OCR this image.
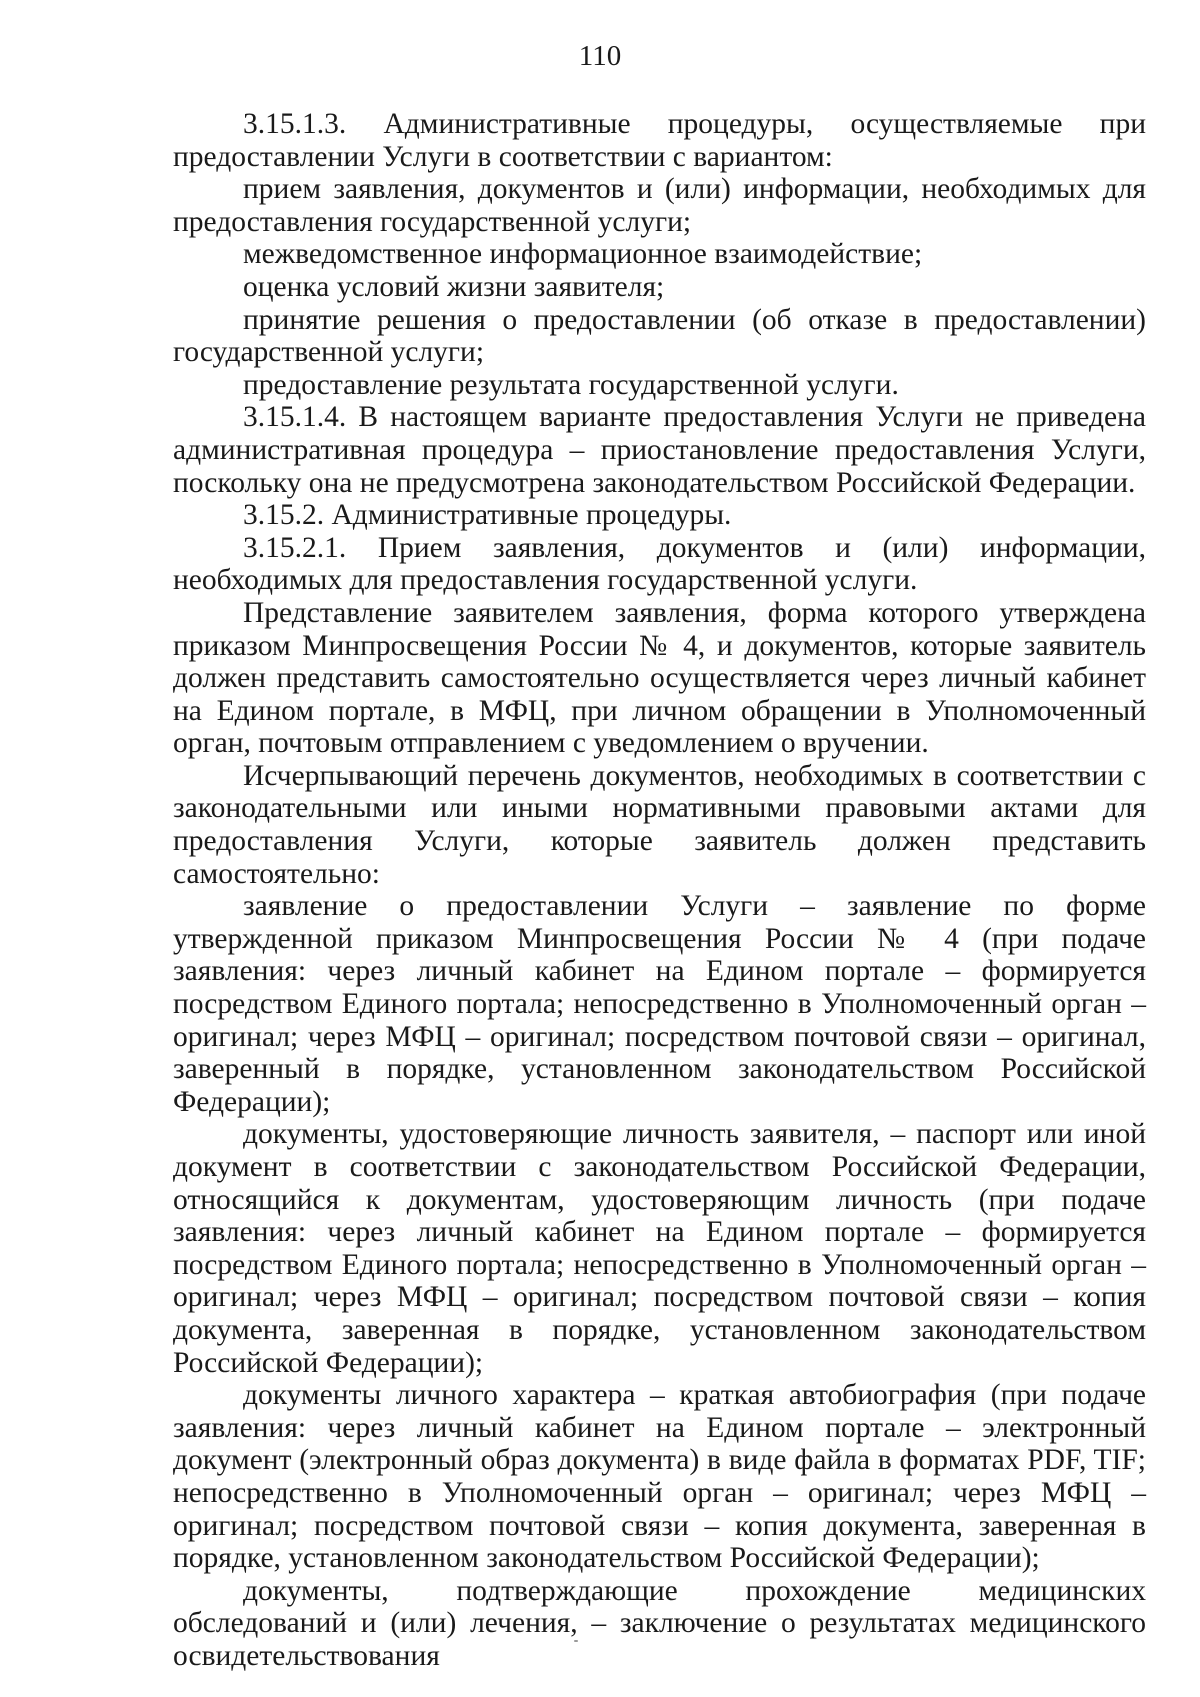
110

3.15.1.3. Административные процедуры, осуществляемые при предоставлении Услуги в соответствии с вариантом:

прием заявления, документов и (или) информации, необходимых для предоставления государственной услуги;

межведомственное информационное взаимодействие;

оценка условий жизни заявителя;

принятие решения о предоставлении (об отказе в предоставлении) государственной услуги;

предоставление результата государственной услуги.

3.15.1.4. В настоящем варианте предоставления Услуги не приведена административная процедура – приостановление предоставления Услуги, поскольку она не предусмотрена законодательством Российской Федерации.

3.15.2. Административные процедуры.

3.15.2.1. Прием заявления, документов и (или) информации, необходимых для предоставления государственной услуги.

Представление заявителем заявления, форма которого утверждена приказом Минпросвещения России № 4, и документов, которые заявитель должен представить самостоятельно осуществляется через личный кабинет на Едином портале, в МФЦ, при личном обращении в Уполномоченный орган, почтовым отправлением с уведомлением о вручении.

Исчерпывающий перечень документов, необходимых в соответствии с законодательными или иными нормативными правовыми актами для предоставления Услуги, которые заявитель должен представить самостоятельно:

заявление о предоставлении Услуги – заявление по форме утвержденной приказом Минпросвещения России № 4 (при подаче заявления: через личный кабинет на Едином портале – формируется посредством Единого портала; непосредственно в Уполномоченный орган – оригинал; через МФЦ – оригинал; посредством почтовой связи – оригинал, заверенный в порядке, установленном законодательством Российской Федерации);

документы, удостоверяющие личность заявителя, – паспорт или иной документ в соответствии с законодательством Российской Федерации, относящийся к документам, удостоверяющим личность (при подаче заявления: через личный кабинет на Едином портале – формируется посредством Единого портала; непосредственно в Уполномоченный орган – оригинал; через МФЦ – оригинал; посредством почтовой связи – копия документа, заверенная в порядке, установленном законодательством Российской Федерации);

документы личного характера – краткая автобиография (при подаче заявления: через личный кабинет на Едином портале – электронный документ (электронный образ документа) в виде файла в форматах PDF, TIF; непосредственно в Уполномоченный орган – оригинал; через МФЦ – оригинал; посредством почтовой связи – копия документа, заверенная в порядке, установленном законодательством Российской Федерации);

документы, подтверждающие прохождение медицинских обследований и (или) лечения, – заключение о результатах медицинского освидетельствования
